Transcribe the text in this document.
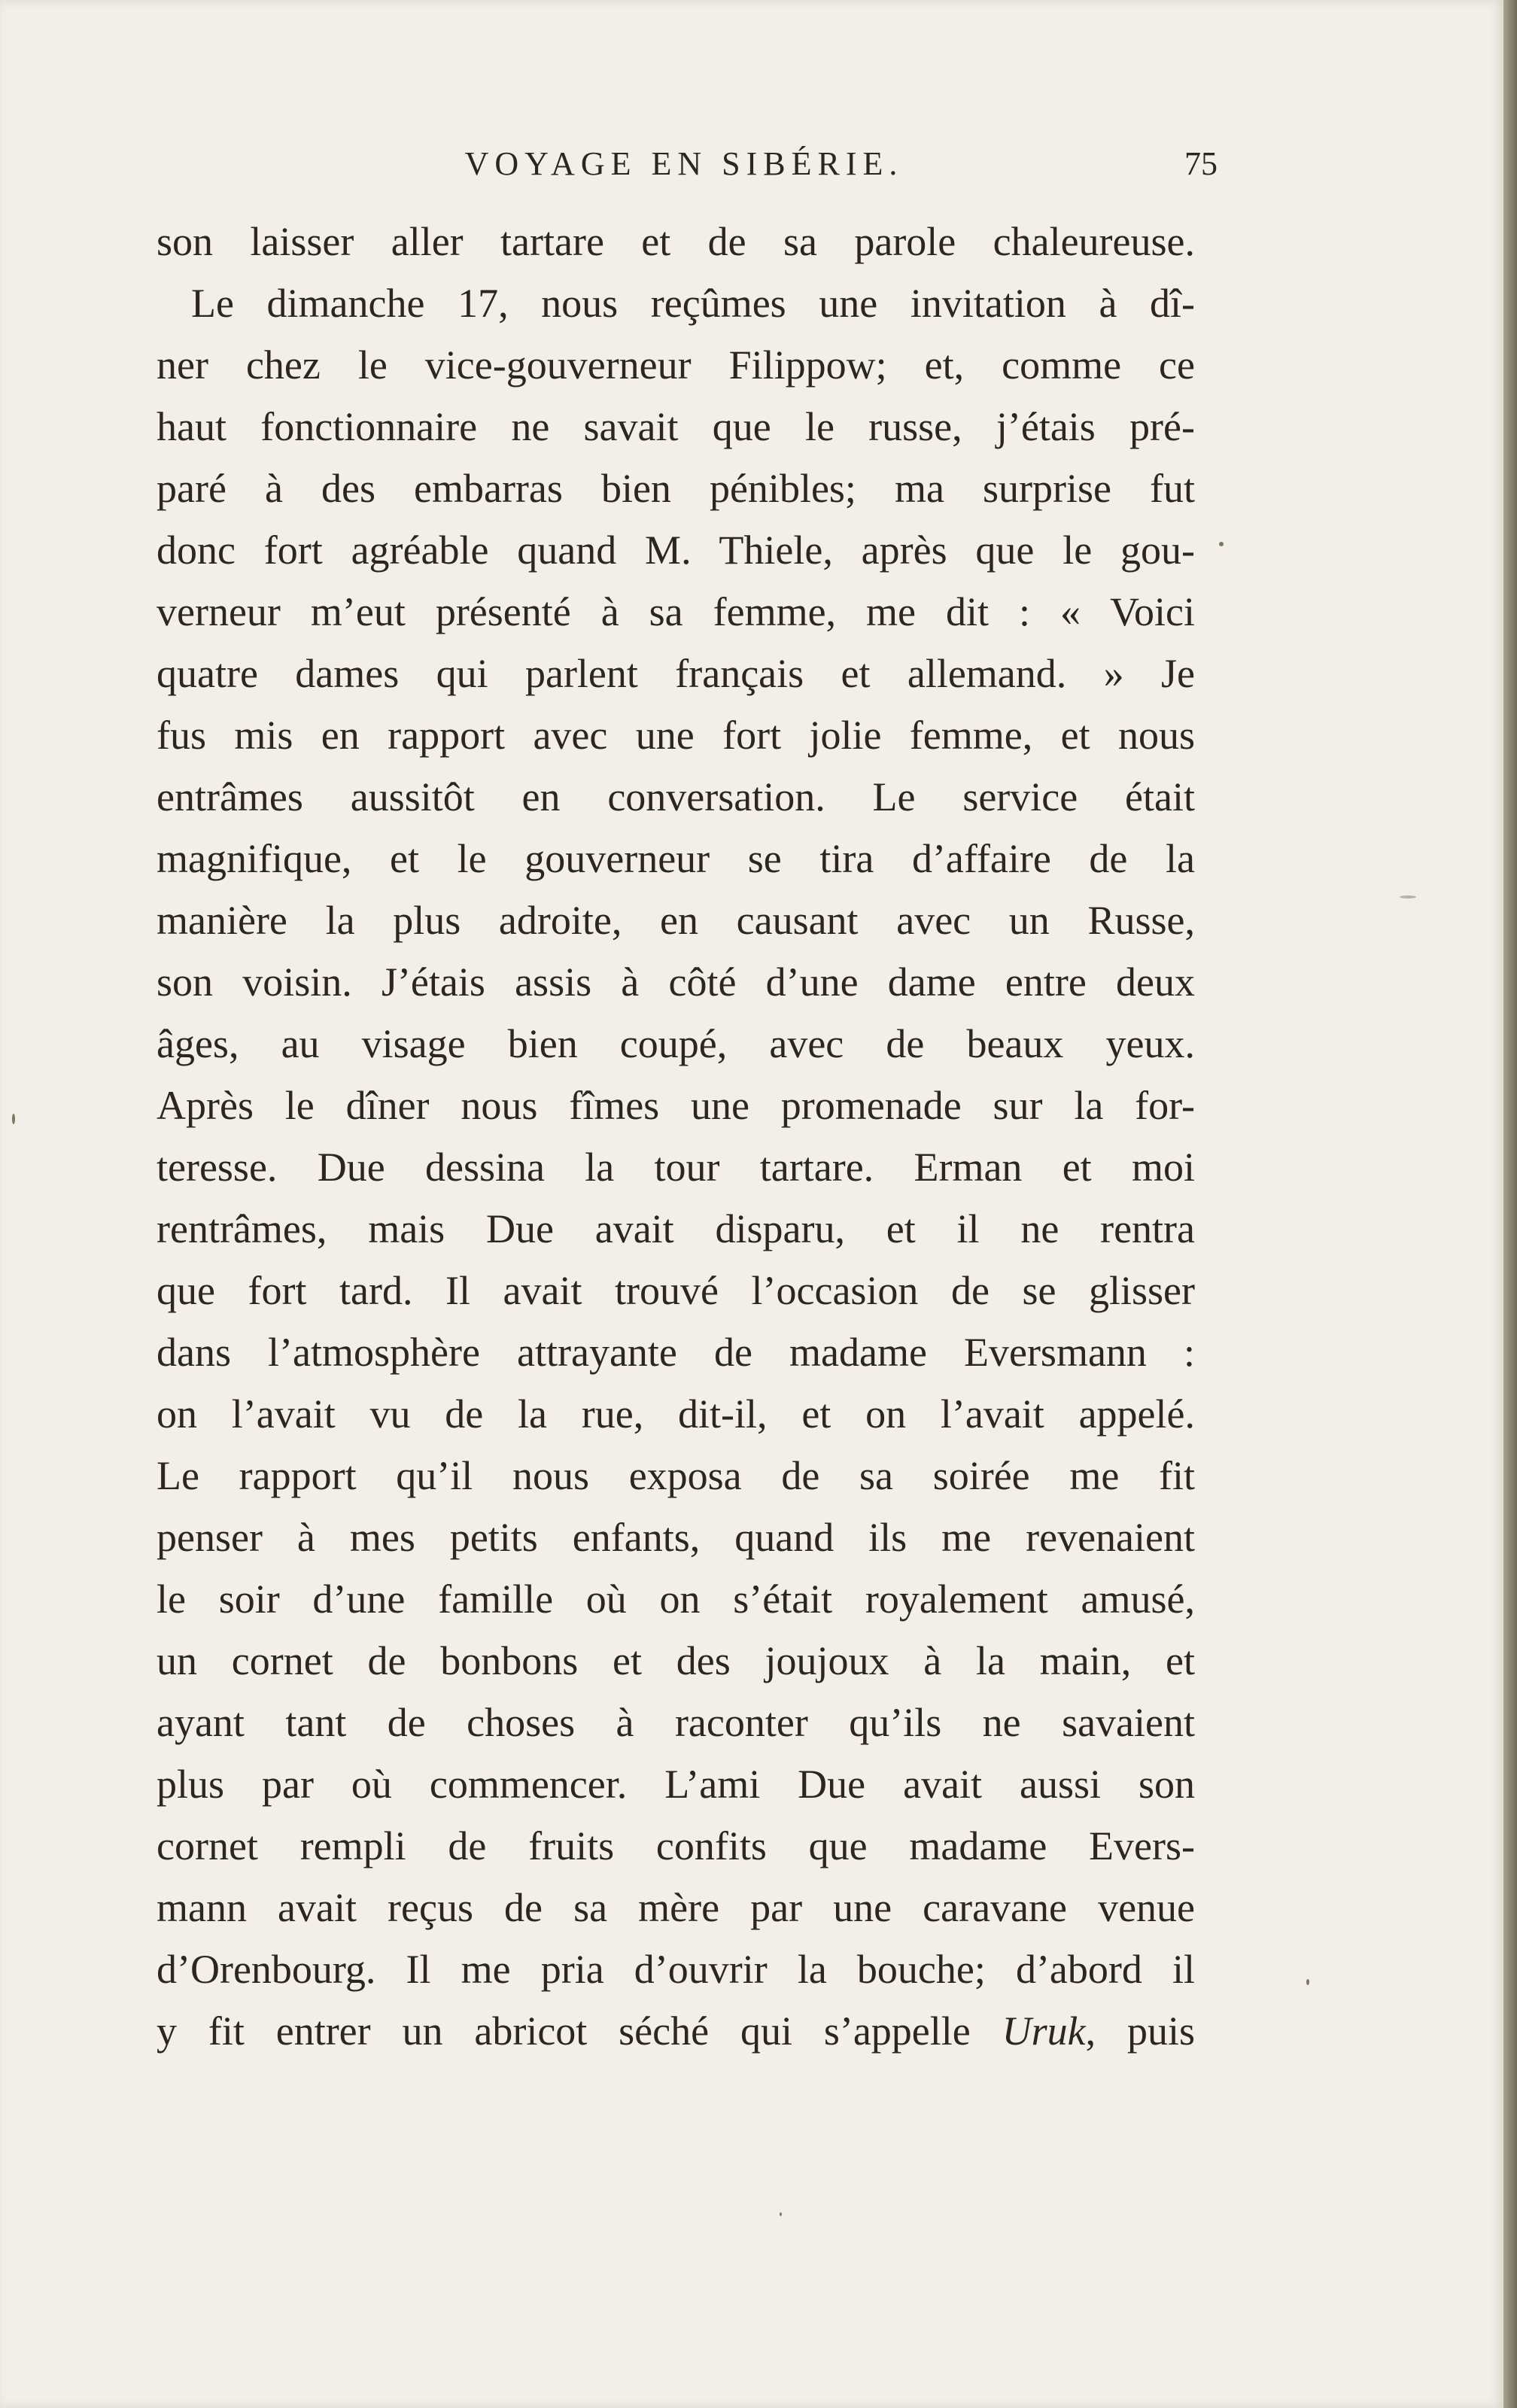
VOYAGE EN SIBÉRIE.	75
son laisser aller tartare et de sa parole chaleureuse.
Le dimanche 17, nous reçûmes une invitation à dî-
ner chez le vice-gouverneur Filippow; et, comme ce
haut fonctionnaire ne savait que le russe, j’étais pré-
paré à des embarras bien pénibles; ma surprise fut
donc fort agréable quand M. Thiele, après que le gou-
verneur m’eut présenté à sa femme, me dit : « Voici
quatre dames qui parlent français et allemand. » Je
fus mis en rapport avec une fort jolie femme, et nous
entrâmes aussitôt en conversation. Le service était
magnifique, et le gouverneur se tira d’affaire de la
manière la plus adroite, en causant avec un Russe,
son voisin. J’étais assis à côté d’une dame entre deux
âges, au visage bien coupé, avec de beaux yeux.
Après le dîner nous fîmes une promenade sur la for-
teresse. Due dessina la tour tartare. Erman et moi
rentrâmes, mais Due avait disparu, et il ne rentra
que fort tard. Il avait trouvé l’occasion de se glisser
dans l’atmosphère attrayante de madame Eversmann :
on l’avait vu de la rue, dit-il, et on l’avait appelé.
Le rapport qu’il nous exposa de sa soirée me fit
penser à mes petits enfants, quand ils me revenaient
le soir d’une famille où on s’était royalement amusé,
un cornet de bonbons et des joujoux à la main, et
ayant tant de choses à raconter qu’ils ne savaient
plus par où commencer. L’ami Due avait aussi son
cornet rempli de fruits confits que madame Evers-
mann avait reçus de sa mère par une caravane venue
d’Orenbourg. Il me pria d’ouvrir la bouche; d’abord il
y fit entrer un abricot séché qui s’appelle Uruk, puis
